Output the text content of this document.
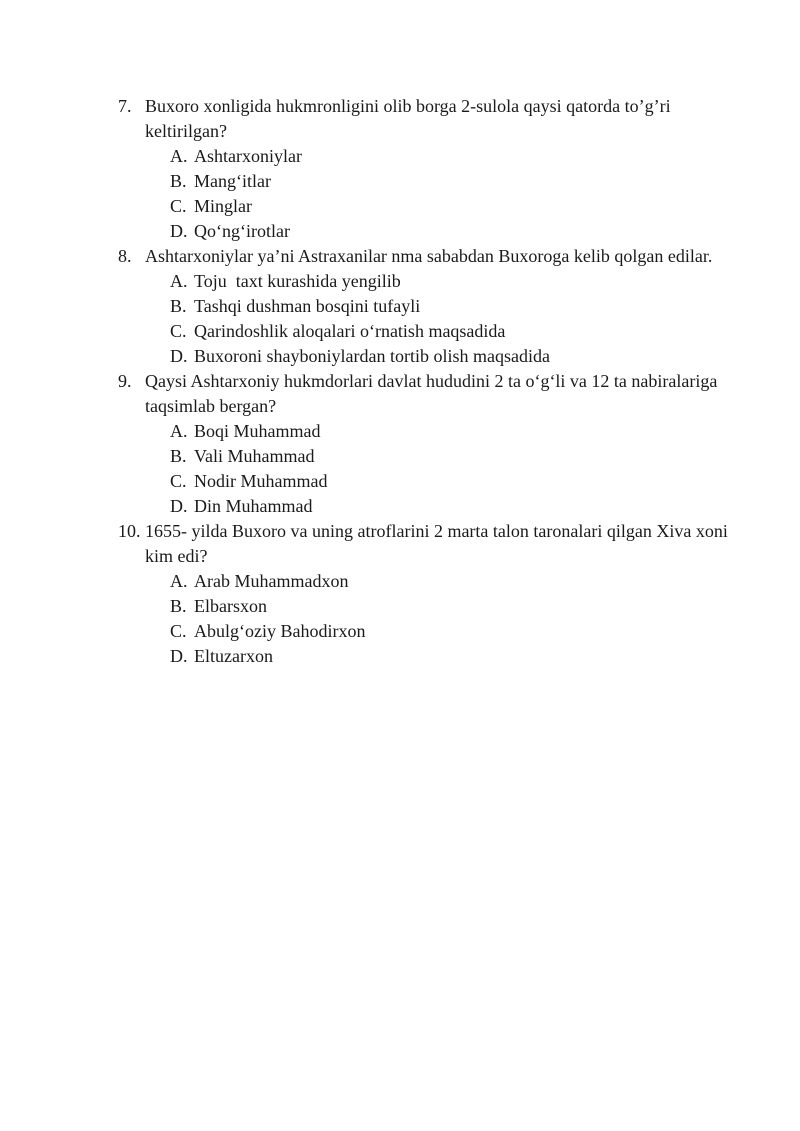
7. Buxoro xonligida hukmronligini olib borga 2-sulola qaysi qatorda to’g’ri keltirilgan?
A. Ashtarxoniylar
B. Mang‘itlar
C. Minglar
D. Qo‘ng‘irotlar
8. Ashtarxoniylar ya’ni Astraxanilar nma sababdan Buxoroga kelib qolgan edilar.
A. Toju  taxt kurashida yengilib
B. Tashqi dushman bosqini tufayli
C. Qarindoshlik aloqalari o‘rnatish maqsadida
D. Buxoroni shayboniylardan tortib olish maqsadida
9. Qaysi Ashtarxoniy hukmdorlari davlat hududini 2 ta o‘g‘li va 12 ta nabiralariga taqsimlab bergan?
A. Boqi Muhammad
B. Vali Muhammad
C. Nodir Muhammad
D. Din Muhammad
10. 1655- yilda Buxoro va uning atroflarini 2 marta talon taronalari qilgan Xiva xoni kim edi?
A. Arab Muhammadxon
B. Elbarsxon
C. Abulg‘oziy Bahodirxon
D. Eltuzarxon
